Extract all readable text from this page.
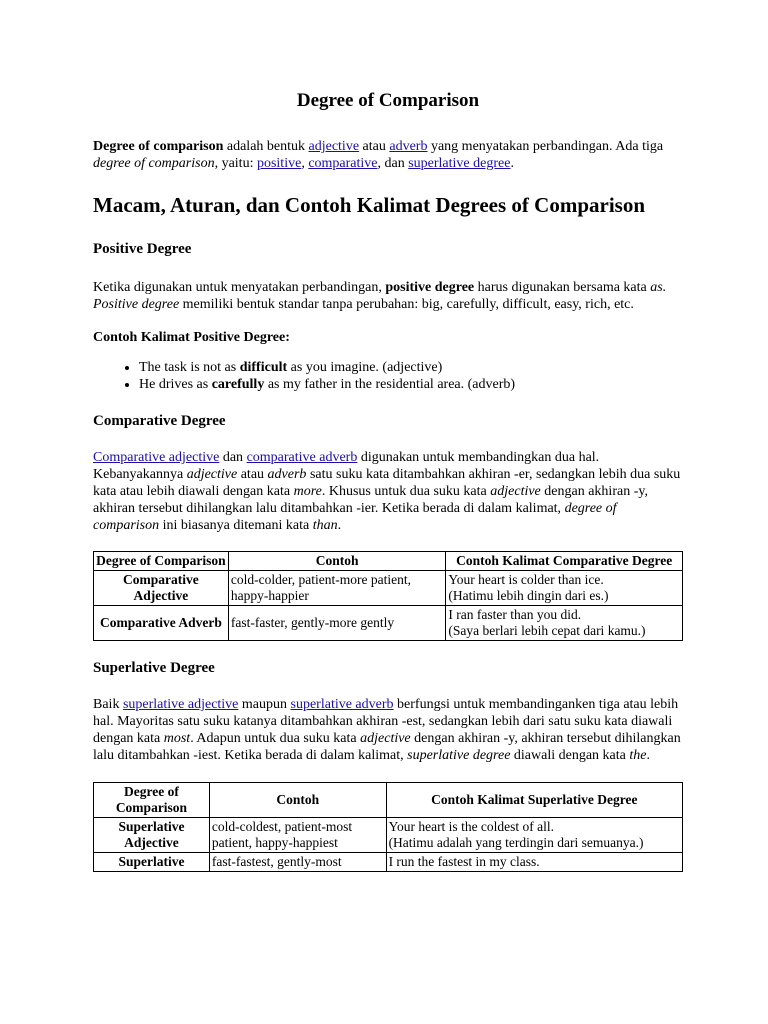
Degree of Comparison

Degree of comparison adalah bentuk adjective atau adverb yang menyatakan perbandingan. Ada tiga degree of comparison, yaitu: positive, comparative, dan superlative degree.

Macam, Aturan, dan Contoh Kalimat Degrees of Comparison
Positive Degree

Ketika digunakan untuk menyatakan perbandingan, positive degree harus digunakan bersama kata as. Positive degree memiliki bentuk standar tanpa perubahan: big, carefully, difficult, easy, rich, etc.

Contoh Kalimat Positive Degree:

• The task is not as difficult as you imagine. (adjective)
• He drives as carefully as my father in the residential area. (adverb)
Comparative Degree

Comparative adjective dan comparative adverb digunakan untuk membandingkan dua hal. Kebanyakannya adjective atau adverb satu suku kata ditambahkan akhiran -er, sedangkan lebih dua suku kata atau lebih diawali dengan kata more. Khusus untuk dua suku kata adjective dengan akhiran -y, akhiran tersebut dihilangkan lalu ditambahkan -ier. Ketika berada di dalam kalimat, degree of comparison ini biasanya ditemani kata than.

Degree of Comparison	Contoh	Contoh Kalimat Comparative Degree
Comparative Adjective	cold-colder, patient-more patient, happy-happier	Your heart is colder than ice.
(Hatimu lebih dingin dari es.)
Comparative Adverb	fast-faster, gently-more gently	I ran faster than you did.
(Saya berlari lebih cepat dari kamu.)
Superlative Degree

Baik superlative adjective maupun superlative adverb berfungsi untuk membandinganken tiga atau lebih hal. Mayoritas satu suku katanya ditambahkan akhiran -est, sedangkan lebih dari satu suku kata diawali dengan kata most. Adapun untuk dua suku kata adjective dengan akhiran -y, akhiran tersebut dihilangkan lalu ditambahkan -iest. Ketika berada di dalam kalimat, superlative degree diawali dengan kata the.

Degree of Comparison	Contoh	Contoh Kalimat Superlative Degree
Superlative Adjective	cold-coldest, patient-most patient, happy-happiest	Your heart is the coldest of all.
(Hatimu adalah yang terdingin dari semuanya.)
Superlative	fast-fastest, gently-most	I run the fastest in my class.
